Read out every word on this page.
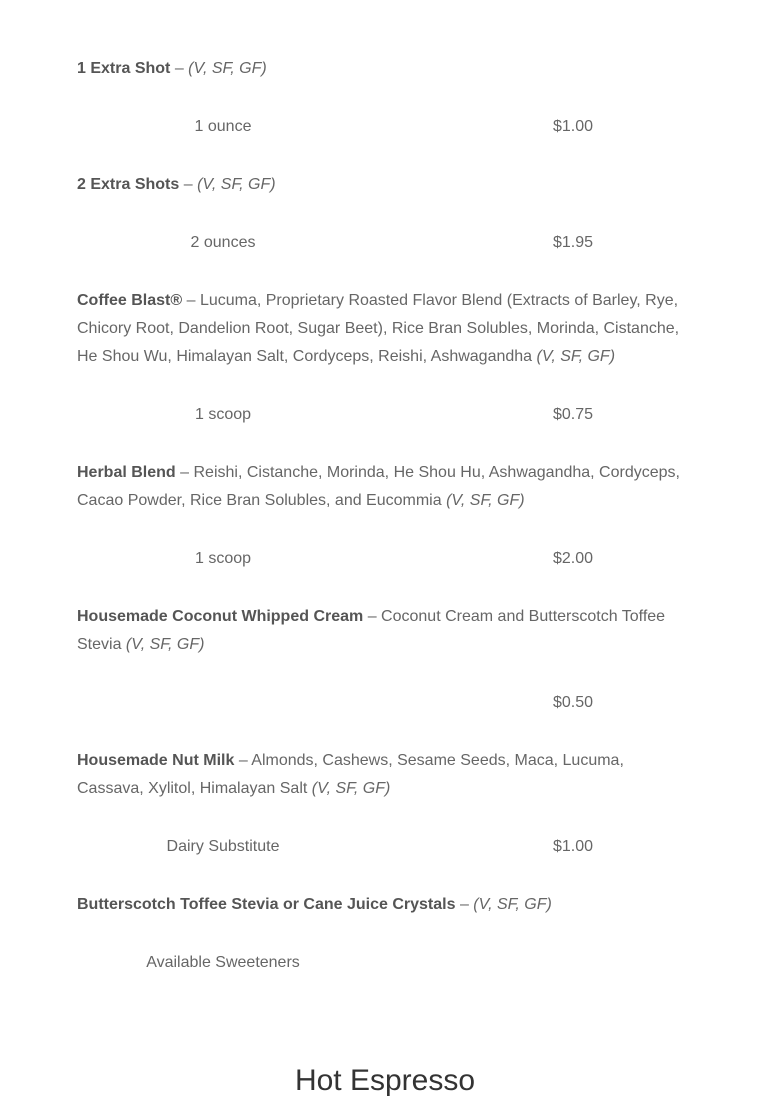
1 Extra Shot – (V, SF, GF)

1 ounce	$1.00

2 Extra Shots – (V, SF, GF)

2 ounces	$1.95

Coffee Blast® – Lucuma, Proprietary Roasted Flavor Blend (Extracts of Barley, Rye, Chicory Root, Dandelion Root, Sugar Beet), Rice Bran Solubles, Morinda, Cistanche, He Shou Wu, Himalayan Salt, Cordyceps, Reishi, Ashwagandha (V, SF, GF)

1 scoop	$0.75

Herbal Blend – Reishi, Cistanche, Morinda, He Shou Hu, Ashwagandha, Cordyceps, Cacao Powder, Rice Bran Solubles, and Eucommia (V, SF, GF)

1 scoop	$2.00

Housemade Coconut Whipped Cream – Coconut Cream and Butterscotch Toffee Stevia (V, SF, GF)

$0.50

Housemade Nut Milk – Almonds, Cashews, Sesame Seeds, Maca, Lucuma, Cassava, Xylitol, Himalayan Salt (V, SF, GF)

Dairy Substitute	$1.00

Butterscotch Toffee Stevia or Cane Juice Crystals – (V, SF, GF)

Available Sweeteners
Hot Espresso
